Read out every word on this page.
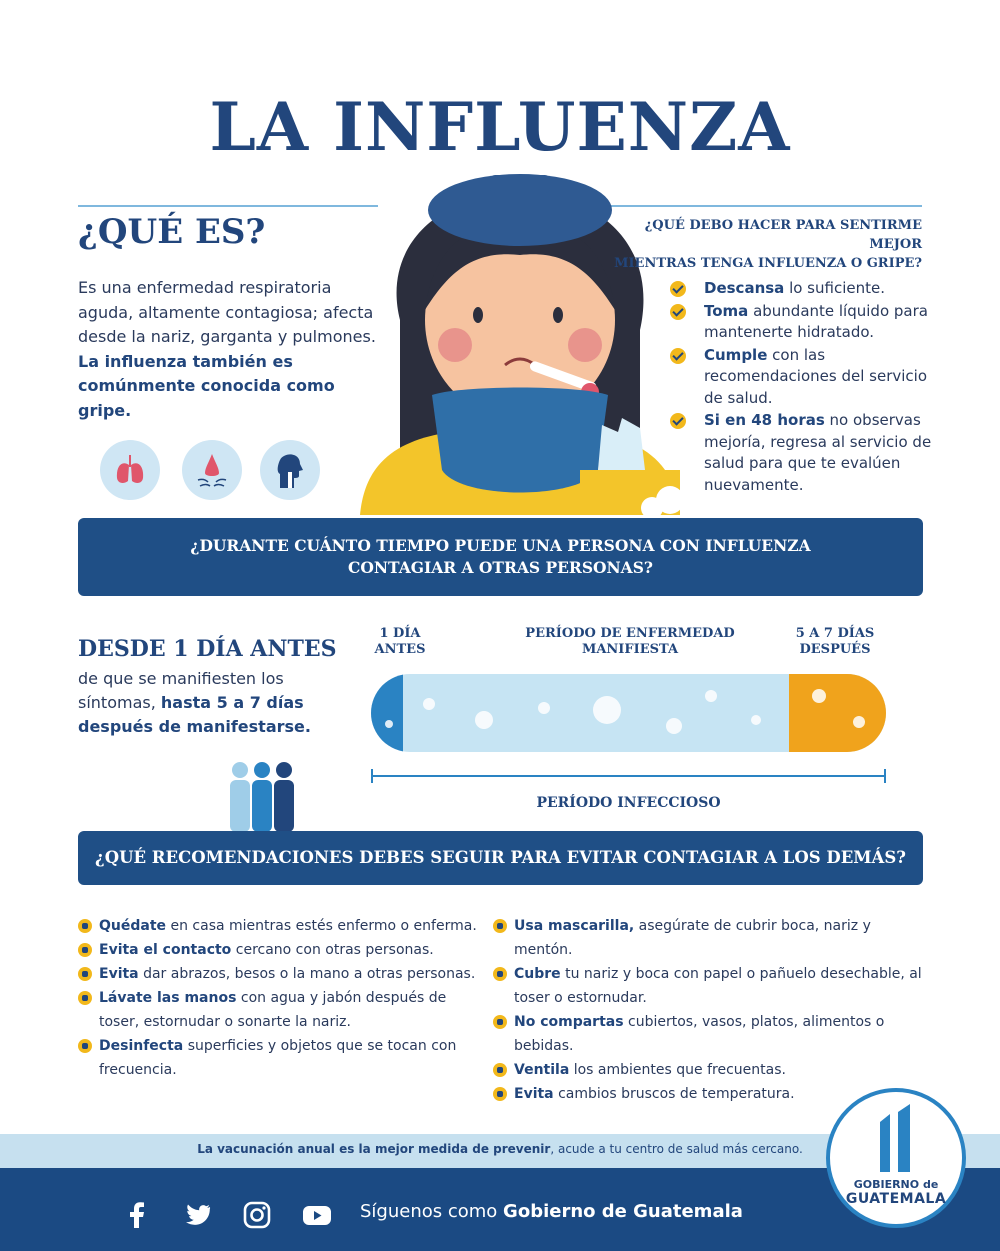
LA INFLUENZA
¿QUÉ ES?
Es una enfermedad respiratoria aguda, altamente contagiosa; afecta desde la nariz, garganta y pulmones. La influenza también es comúnmente conocida como gripe.
¿QUÉ DEBO HACER PARA SENTIRME MEJOR
MIENTRAS TENGA INFLUENZA O GRIPE?
Descansa lo suficiente.
Toma abundante líquido para mantenerte hidratado.
Cumple con las recomendaciones del servicio de salud.
Si en 48 horas no observas mejoría, regresa al servicio de salud para que te evalúen nuevamente.
¿DURANTE CUÁNTO TIEMPO PUEDE UNA PERSONA CON INFLUENZA
CONTAGIAR A OTRAS PERSONAS?
DESDE 1 DÍA ANTES
de que se manifiesten los síntomas, hasta 5 a 7 días después de manifestarse.
1 DÍA
ANTES
PERÍODO DE ENFERMEDAD
MANIFIESTA
5 A 7 DÍAS
DESPUÉS
PERÍODO INFECCIOSO
¿QUÉ RECOMENDACIONES DEBES SEGUIR PARA EVITAR CONTAGIAR A LOS DEMÁS?
Quédate en casa mientras estés enfermo o enferma.
Evita el contacto cercano con otras personas.
Evita dar abrazos, besos o la mano a otras personas.
Lávate las manos con agua y jabón después de toser, estornudar o sonarte la nariz.
Desinfecta superficies y objetos que se tocan con frecuencia.
Usa mascarilla, asegúrate de cubrir boca, nariz y mentón.
Cubre tu nariz y boca con papel o pañuelo desechable, al toser o estornudar.
No compartas cubiertos, vasos, platos, alimentos o bebidas.
Ventila los ambientes que frecuentas.
Evita cambios bruscos de temperatura.
La vacunación anual es la mejor medida de prevenir, acude a tu centro de salud más cercano.
Síguenos como Gobierno de Guatemala
GOBIERNO de
GUATEMALA
